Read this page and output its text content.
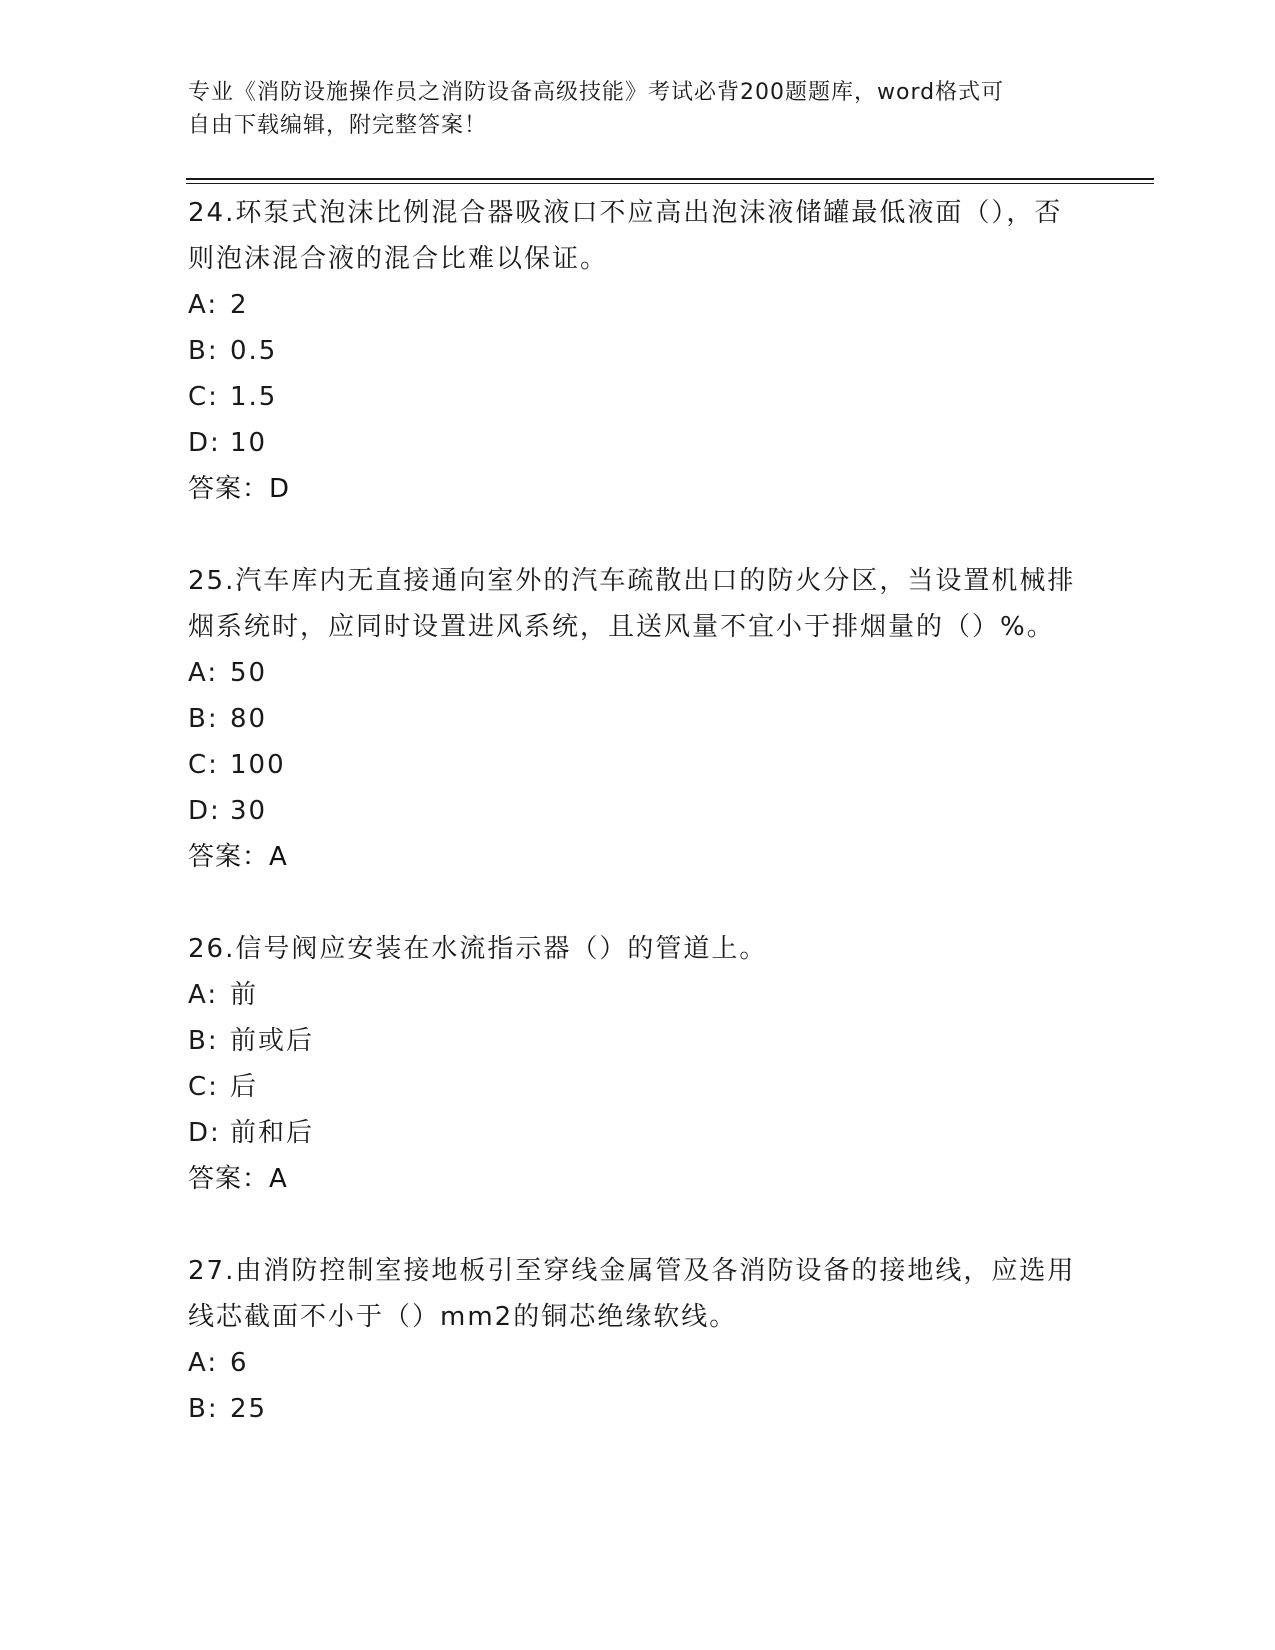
专业《消防设施操作员之消防设备高级技能》考试必背200题题库，word格式可
自由下载编辑，附完整答案！

24.环泵式泡沫比例混合器吸液口不应高出泡沫液储罐最低液面（），否则泡沫混合液的混合比难以保证。

A: 2

B: 0.5

C: 1.5

D: 10

答案：D

25.汽车库内无直接通向室外的汽车疏散出口的防火分区，当设置机械排烟系统时，应同时设置进风系统，且送风量不宜小于排烟量的（）%。

A: 50

B: 80

C: 100

D: 30

答案：A

26.信号阀应安装在水流指示器（）的管道上。

A: 前

B: 前或后

C: 后

D: 前和后

答案：A

27.由消防控制室接地板引至穿线金属管及各消防设备的接地线，应选用线芯截面不小于（）mm2的铜芯绝缘软线。

A: 6

B: 25
